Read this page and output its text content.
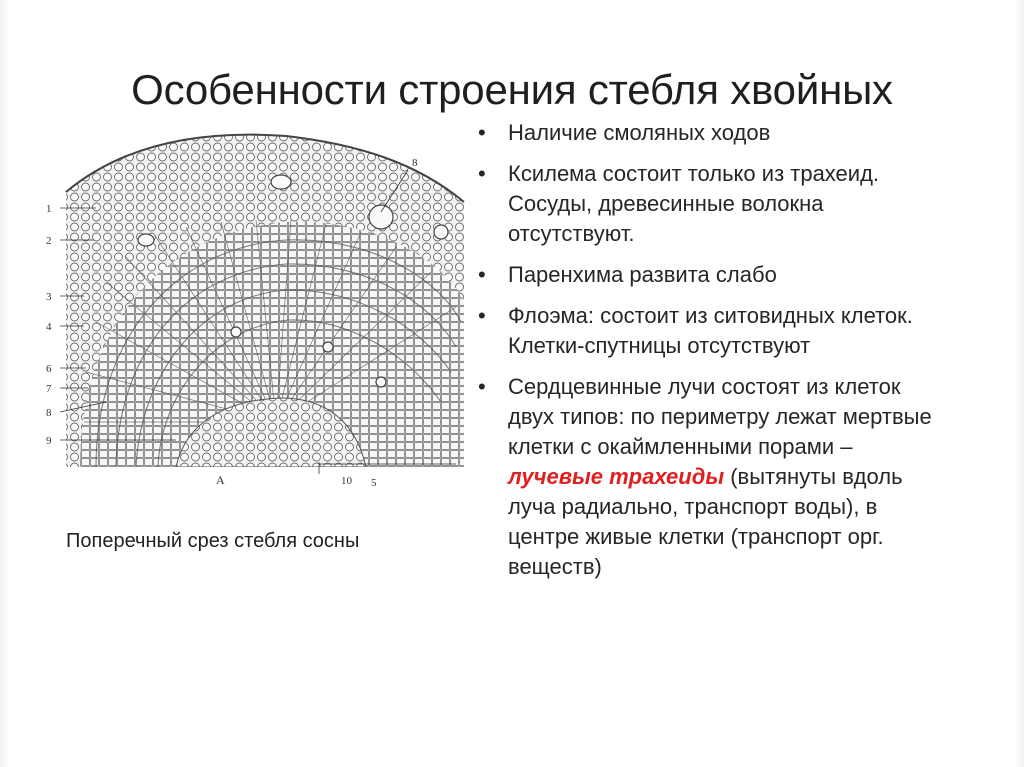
Особенности строения стебля хвойных
1
2
3
4
6
7
8
9
8
А	10 5
Поперечный срез стебля сосны
•	Наличие смоляных ходов
•	Ксилема состоит только из трахеид. Сосуды, древесинные волокна отсутствуют.
•	Паренхима развита слабо
•	Флоэма: состоит из ситовидных клеток. Клетки-спутницы отсутствуют
•	Сердцевинные лучи состоят из клеток двух типов: по периметру лежат мертвые клетки с окаймленными порами – лучевые трахеиды (вытянуты вдоль луча радиально, транспорт воды), в центре живые клетки (транспорт орг. веществ)
